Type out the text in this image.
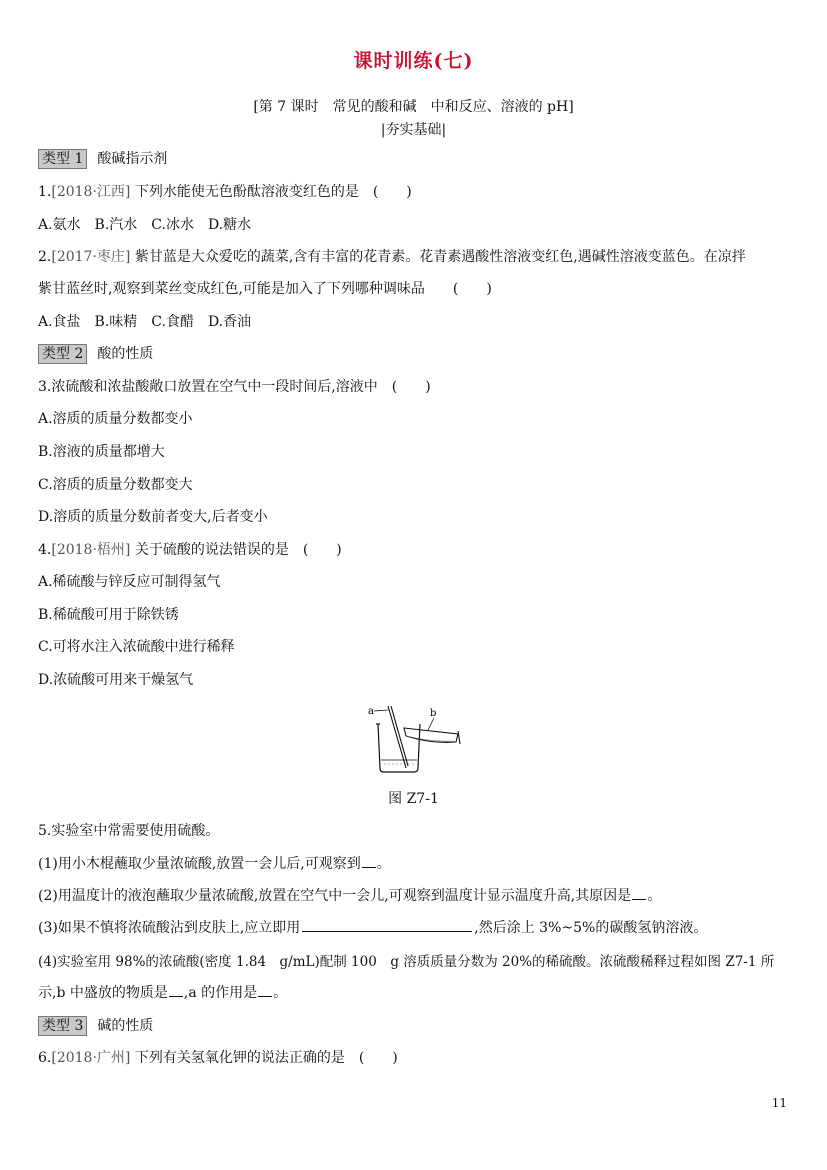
课时训练(七)
[第 7 课时　常见的酸和碱　中和反应、溶液的 pH]
|夯实基础|
类型 1 酸碱指示剂
1.[2018·江西] 下列水能使无色酚酞溶液变红色的是　(　　)
A.氨水　B.汽水　C.冰水　D.糖水
2.[2017·枣庄] 紫甘蓝是大众爱吃的蔬菜,含有丰富的花青素。花青素遇酸性溶液变红色,遇碱性溶液变蓝色。在凉拌
紫甘蓝丝时,观察到菜丝变成红色,可能是加入了下列哪种调味品　　(　　)
A.食盐　B.味精　C.食醋　D.香油
类型 2 酸的性质
3.浓硫酸和浓盐酸敞口放置在空气中一段时间后,溶液中　(　　)
A.溶质的质量分数都变小
B.溶液的质量都增大
C.溶质的质量分数都变大
D.溶质的质量分数前者变大,后者变小
4.[2018·梧州] 关于硫酸的说法错误的是　(　　)
A.稀硫酸与锌反应可制得氢气
B.稀硫酸可用于除铁锈
C.可将水注入浓硫酸中进行稀释
D.浓硫酸可用来干燥氢气
a	b
图 Z7-1
5.实验室中常需要使用硫酸。
(1)用小木棍蘸取少量浓硫酸,放置一会儿后,可观察到 。
(2)用温度计的液泡蘸取少量浓硫酸,放置在空气中一会儿,可观察到温度计显示温度升高,其原因是 。
(3)如果不慎将浓硫酸沾到皮肤上,应立即用	,然后涂上 3%~5%的碳酸氢钠溶液。
(4)实验室用 98%的浓硫酸(密度 1.84　g/mL)配制 100　g 溶质质量分数为 20%的稀硫酸。浓硫酸稀释过程如图 Z7-1 所
示,b 中盛放的物质是 ,a 的作用是 。
类型 3 碱的性质
6.[2018·广州] 下列有关氢氧化钾的说法正确的是　(　　)
11
